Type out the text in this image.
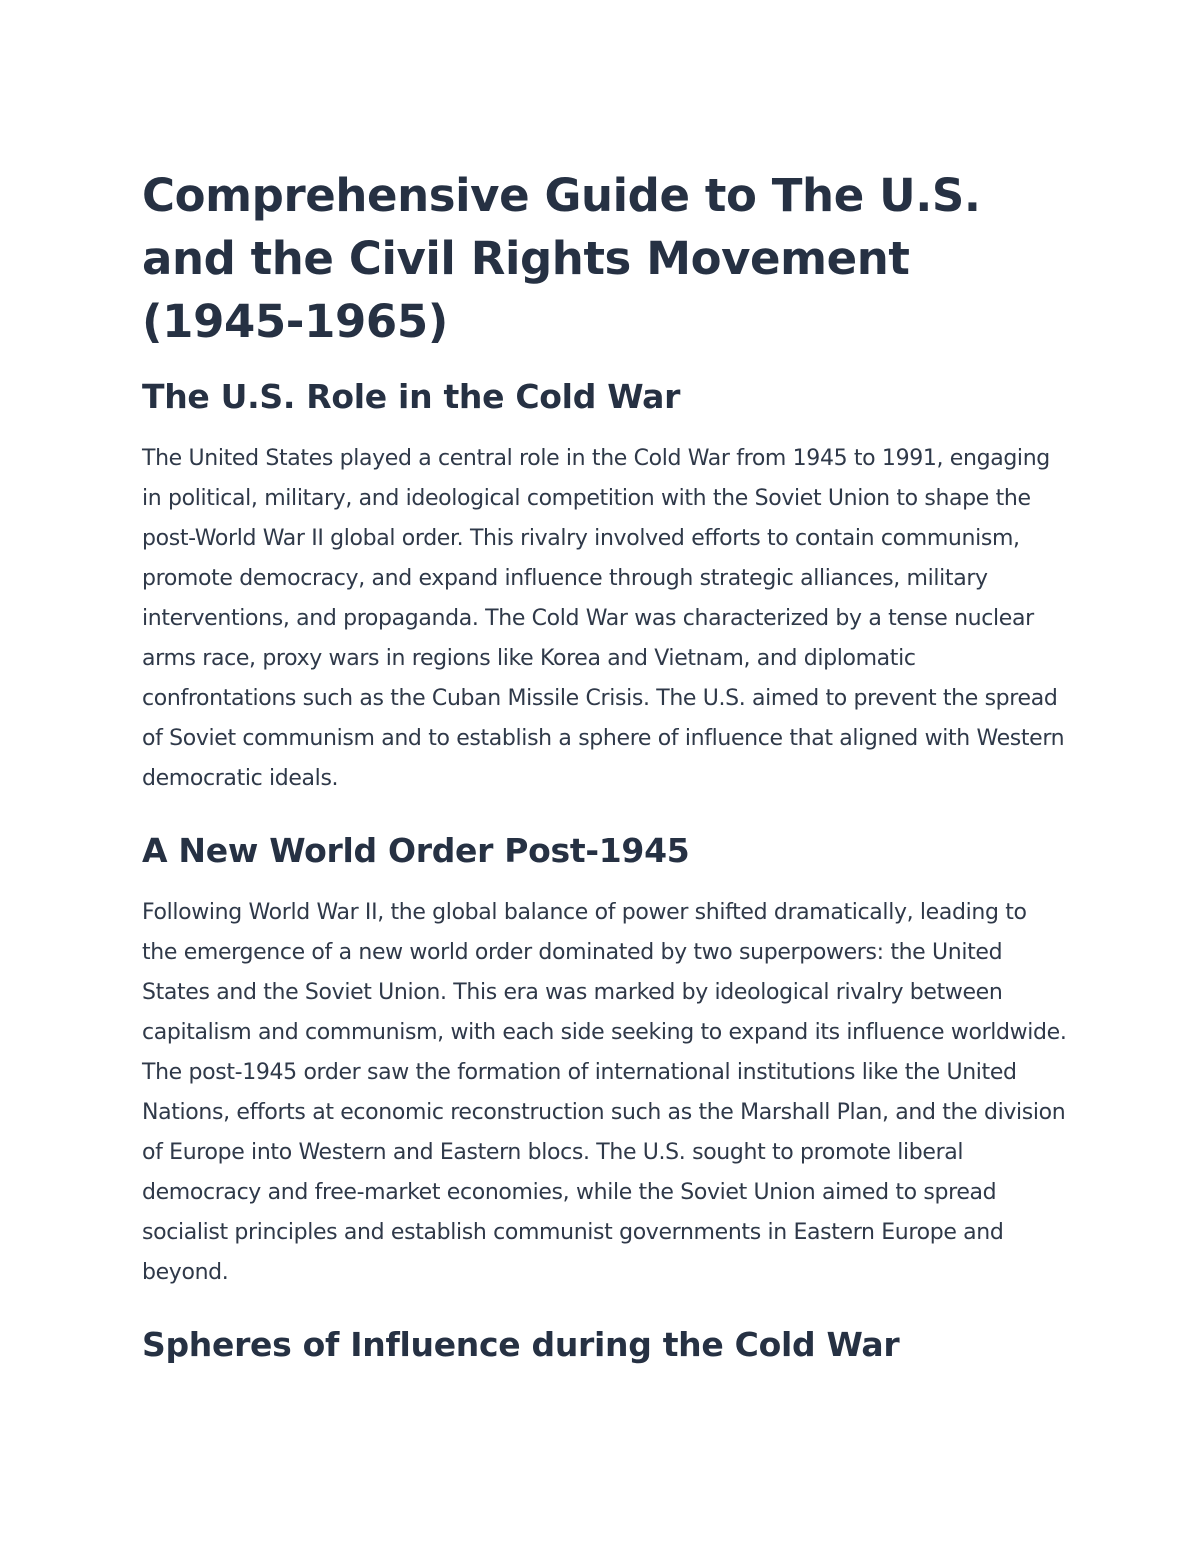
Comprehensive Guide to The U.S. and the Civil Rights Movement (1945-1965)
The U.S. Role in the Cold War

The United States played a central role in the Cold War from 1945 to 1991, engaging in political, military, and ideological competition with the Soviet Union to shape the post-World War II global order. This rivalry involved efforts to contain communism, promote democracy, and expand influence through strategic alliances, military interventions, and propaganda. The Cold War was characterized by a tense nuclear arms race, proxy wars in regions like Korea and Vietnam, and diplomatic confrontations such as the Cuban Missile Crisis. The U.S. aimed to prevent the spread of Soviet communism and to establish a sphere of influence that aligned with Western democratic ideals.

A New World Order Post-1945

Following World War II, the global balance of power shifted dramatically, leading to the emergence of a new world order dominated by two superpowers: the United States and the Soviet Union. This era was marked by ideological rivalry between capitalism and communism, with each side seeking to expand its influence worldwide. The post-1945 order saw the formation of international institutions like the United Nations, efforts at economic reconstruction such as the Marshall Plan, and the division of Europe into Western and Eastern blocs. The U.S. sought to promote liberal democracy and free-market economies, while the Soviet Union aimed to spread socialist principles and establish communist governments in Eastern Europe and beyond.

Spheres of Influence during the Cold War
